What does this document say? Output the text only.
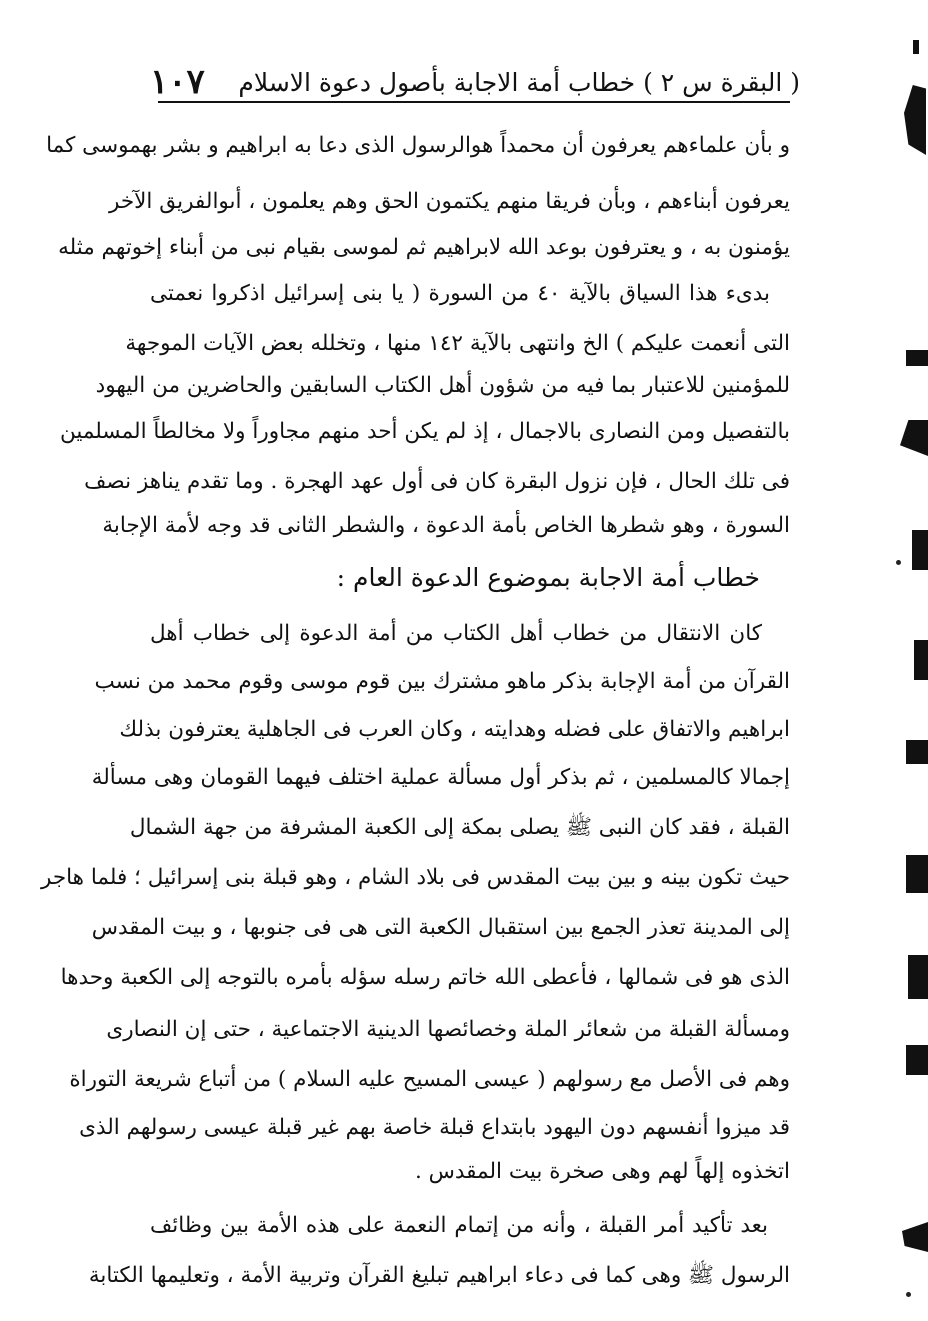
( البقرة س ٢ ) خطاب أمة الاجابة بأصول دعوة الاسلام
١٠٧
و بأن علماءهم يعرفون أن محمداً هوالرسول الذى دعا به ابراهيم و بشر بهموسى كما
يعرفون أبناءهم ، وبأن فريقا منهم يكتمون الحق وهم يعلمون ، أىوالفريق الآخر
يؤمنون به ، و يعترفون بوعد الله لابراهيم ثم لموسى بقيام نبى من أبناء إخوتهم مثله
بدىء هذا السياق بالآية ٤٠ من السورة ( يا بنى إسرائيل اذكروا نعمتى
التى أنعمت عليكم ) الخ وانتهى بالآية ١٤٢ منها ، وتخلله بعض الآيات الموجهة
للمؤمنين للاعتبار بما فيه من شؤون أهل الكتاب السابقين والحاضرين من اليهود
بالتفصيل ومن النصارى بالاجمال ، إذ لم يكن أحد منهم مجاوراً ولا مخالطاً المسلمين
فى تلك الحال ، فإن نزول البقرة كان فى أول عهد الهجرة . وما تقدم يناهز نصف
السورة ، وهو شطرها الخاص بأمة الدعوة ، والشطر الثانى قد وجه لأمة الإجابة
خطاب أمة الاجابة بموضوع الدعوة العام :
كان الانتقال من خطاب أهل الكتاب من أمة الدعوة إلى خطاب أهل
القرآن من أمة الإجابة بذكر ماهو مشترك بين قوم موسى وقوم محمد من نسب
ابراهيم والاتفاق على فضله وهدايته ، وكان العرب فى الجاهلية يعترفون بذلك
إجمالا كالمسلمين ، ثم بذكر أول مسألة عملية اختلف فيهما القومان وهى مسألة
القبلة ، فقد كان النبى ﷺ يصلى بمكة إلى الكعبة المشرفة من جهة الشمال
حيث تكون بينه و بين بيت المقدس فى بلاد الشام ، وهو قبلة بنى إسرائيل ؛ فلما هاجر
إلى المدينة تعذر الجمع بين استقبال الكعبة التى هى فى جنوبها ، و بيت المقدس
الذى هو فى شمالها ، فأعطى الله خاتم رسله سؤله بأمره بالتوجه إلى الكعبة وحدها
ومسألة القبلة من شعائر الملة وخصائصها الدينية الاجتماعية ، حتى إن النصارى
وهم فى الأصل مع رسولهم ( عيسى المسيح عليه السلام ) من أتباع شريعة التوراة
قد ميزوا أنفسهم دون اليهود بابتداع قبلة خاصة بهم غير قبلة عيسى رسولهم الذى
اتخذوه إلهاً لهم وهى صخرة بيت المقدس .
بعد تأكيد أمر القبلة ، وأنه من إتمام النعمة على هذه الأمة بين وظائف
الرسول ﷺ وهى كما فى دعاء ابراهيم تبليغ القرآن وتربية الأمة ، وتعليمها الكتابة
